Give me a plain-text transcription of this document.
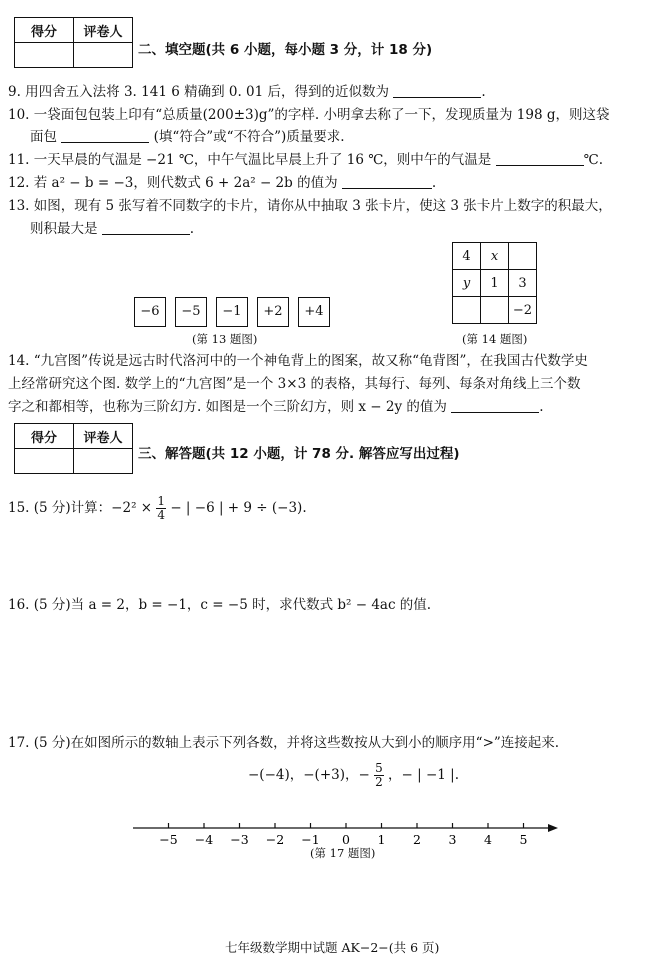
得分	评卷人

二、填空题(共 6 小题，每小题 3 分，计 18 分)
9. 用四舍五入法将 3. 141 6 精确到 0. 01 后，得到的近似数为	.
10. 一袋面包包装上印有“总质量(200±3)g”的字样. 小明拿去称了一下，发现质量为 198 g，则这袋
面包	(填“符合”或“不符合”)质量要求.
11. 一天早晨的气温是 −21 ℃，中午气温比早晨上升了 16 ℃，则中午的气温是	℃.
12. 若 a² − b = −3，则代数式 6 + 2a² − 2b 的值为	.
13. 如图，现有 5 张写着不同数字的卡片，请你从中抽取 3 张卡片，使这 3 张卡片上数字的积最大，
则积最大是	.
−6	−5	−1	+2	+4
(第 13 题图)
4	x	
y	1	3
		−2
(第 14 题图)
14. “九宫图”传说是远古时代洛河中的一个神龟背上的图案，故又称“龟背图”，在我国古代数学史
上经常研究这个图. 数学上的“九宫图”是一个 3×3 的表格，其每行、每列、每条对角线上三个数
字之和都相等，也称为三阶幻方. 如图是一个三阶幻方，则 x − 2y 的值为	.
得分	评卷人

三、解答题(共 12 小题，计 78 分. 解答应写出过程)
15. (5 分)计算：$-2^2 \times \frac{1}{4}$ − | −6 | + 9 ÷ (−3).
16. (5 分)当 a = 2，b = −1，c = −5 时，求代数式 b² − 4ac 的值.
17. (5 分)在如图所示的数轴上表示下列各数，并将这些数按从大到小的顺序用“>”连接起来.
−(−4)，−(+3)，− $\frac{5}{2}$ ，− | −1 |.
−5 −4 −3 −2 −1 0 1 2 3 4 5
(第 17 题图)
七年级数学期中试题 AK−2−(共 6 页)
